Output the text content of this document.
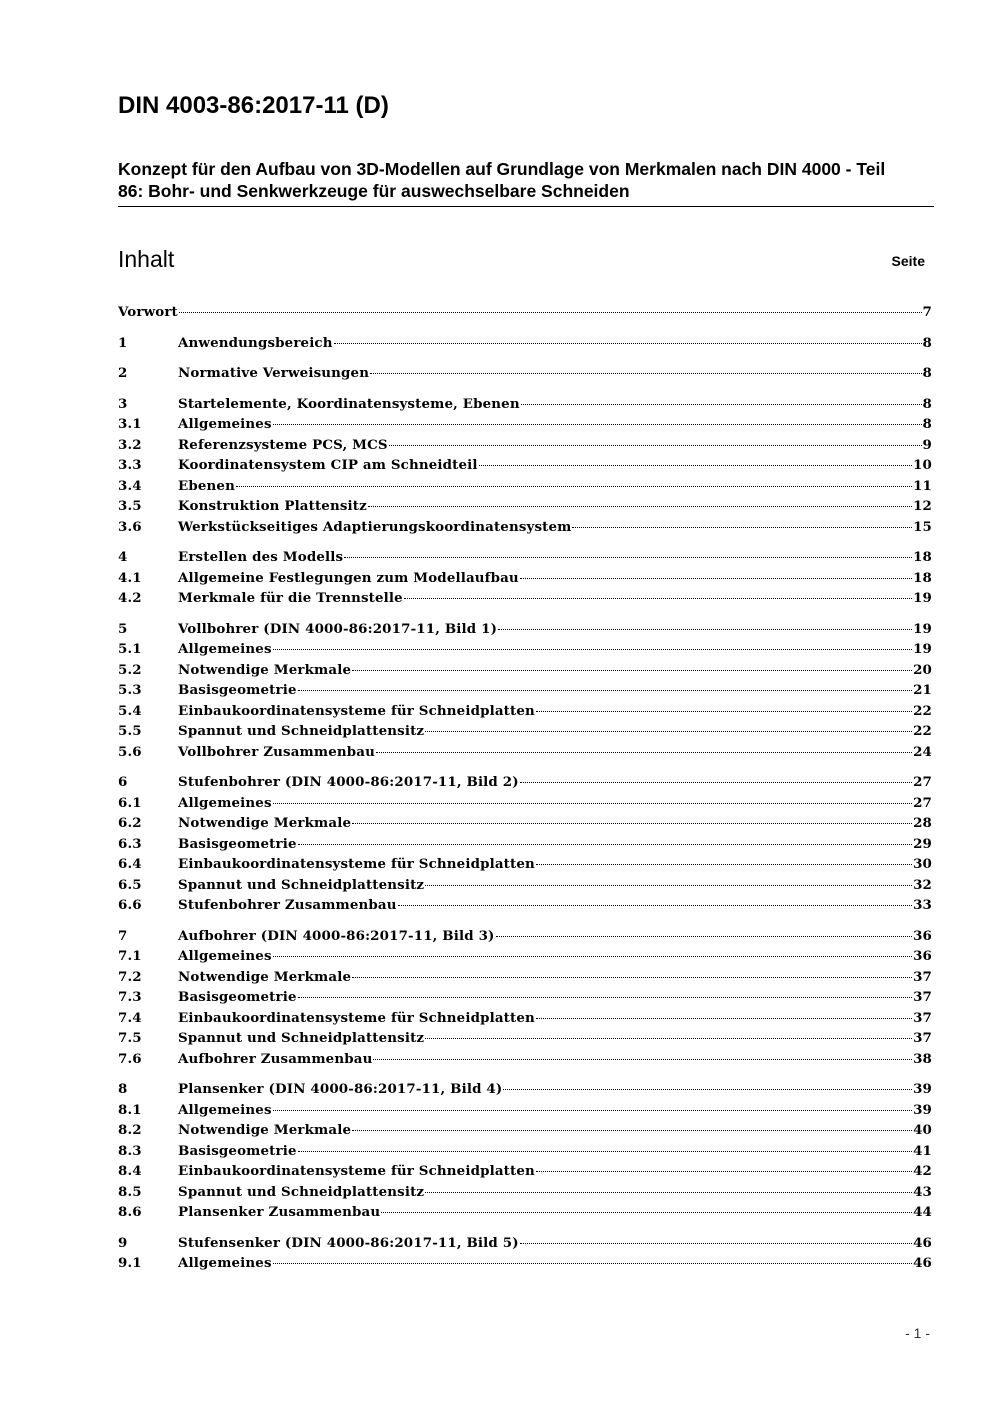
DIN 4003-86:2017-11 (D)
Konzept für den Aufbau von 3D-Modellen auf Grundlage von Merkmalen nach DIN 4000 - Teil 86: Bohr- und Senkwerkzeuge für auswechselbare Schneiden
Inhalt	Seite
Vorwort	7
1	Anwendungsbereich	8
2	Normative Verweisungen	8
3	Startelemente, Koordinatensysteme, Ebenen	8
3.1	Allgemeines	8
3.2	Referenzsysteme PCS, MCS	9
3.3	Koordinatensystem CIP am Schneidteil	10
3.4	Ebenen	11
3.5	Konstruktion Plattensitz	12
3.6	Werkstückseitiges Adaptierungskoordinatensystem	15
4	Erstellen des Modells	18
4.1	Allgemeine Festlegungen zum Modellaufbau	18
4.2	Merkmale für die Trennstelle	19
5	Vollbohrer (DIN 4000-86:2017-11, Bild 1)	19
5.1	Allgemeines	19
5.2	Notwendige Merkmale	20
5.3	Basisgeometrie	21
5.4	Einbaukoordinatensysteme für Schneidplatten	22
5.5	Spannut und Schneidplattensitz	22
5.6	Vollbohrer Zusammenbau	24
6	Stufenbohrer (DIN 4000-86:2017-11, Bild 2)	27
6.1	Allgemeines	27
6.2	Notwendige Merkmale	28
6.3	Basisgeometrie	29
6.4	Einbaukoordinatensysteme für Schneidplatten	30
6.5	Spannut und Schneidplattensitz	32
6.6	Stufenbohrer Zusammenbau	33
7	Aufbohrer (DIN 4000-86:2017-11, Bild 3)	36
7.1	Allgemeines	36
7.2	Notwendige Merkmale	37
7.3	Basisgeometrie	37
7.4	Einbaukoordinatensysteme für Schneidplatten	37
7.5	Spannut und Schneidplattensitz	37
7.6	Aufbohrer Zusammenbau	38
8	Plansenker (DIN 4000-86:2017-11, Bild 4)	39
8.1	Allgemeines	39
8.2	Notwendige Merkmale	40
8.3	Basisgeometrie	41
8.4	Einbaukoordinatensysteme für Schneidplatten	42
8.5	Spannut und Schneidplattensitz	43
8.6	Plansenker Zusammenbau	44
9	Stufensenker (DIN 4000-86:2017-11, Bild 5)	46
9.1	Allgemeines	46
- 1 -
